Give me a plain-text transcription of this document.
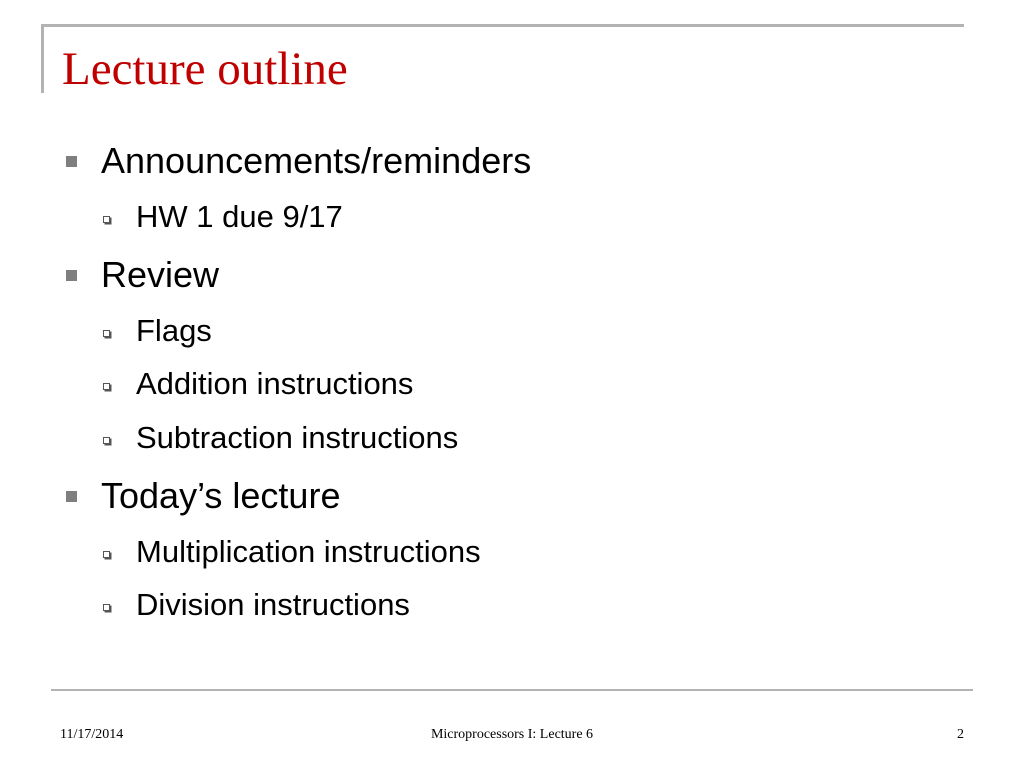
Lecture outline
Announcements/reminders
HW 1 due 9/17
Review
Flags
Addition instructions
Subtraction instructions
Today’s lecture
Multiplication instructions
Division instructions
11/17/2014	Microprocessors I: Lecture 6	2
